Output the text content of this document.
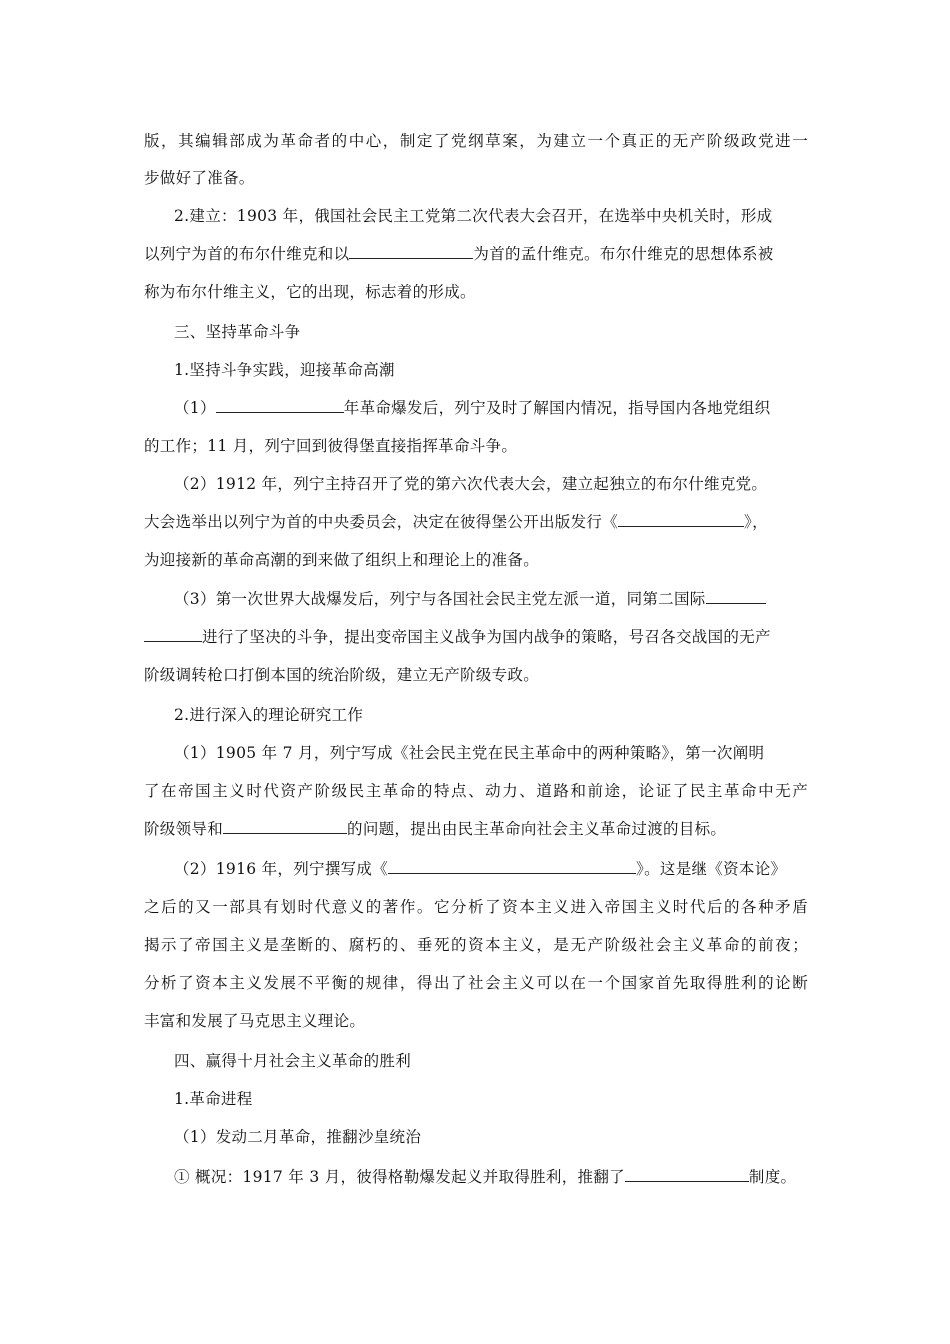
版，其编辑部成为革命者的中心，制定了党纲草案，为建立一个真正的无产阶级政党进一
步做好了准备。
2.建立：1903 年，俄国社会民主工党第二次代表大会召开，在选举中央机关时，形成
以列宁为首的布尔什维克和以	为首的孟什维克。布尔什维克的思想体系被
称为布尔什维主义，它的出现，标志着的形成。
三、坚持革命斗争
1.坚持斗争实践，迎接革命高潮
（1）	年革命爆发后，列宁及时了解国内情况，指导国内各地党组织
的工作；11 月，列宁回到彼得堡直接指挥革命斗争。
（2）1912 年，列宁主持召开了党的第六次代表大会，建立起独立的布尔什维克党。
大会选举出以列宁为首的中央委员会，决定在彼得堡公开出版发行《	》，
为迎接新的革命高潮的到来做了组织上和理论上的准备。
（3）第一次世界大战爆发后，列宁与各国社会民主党左派一道，同第二国际
进行了坚决的斗争，提出变帝国主义战争为国内战争的策略，号召各交战国的无产
阶级调转枪口打倒本国的统治阶级，建立无产阶级专政。
2.进行深入的理论研究工作
（1）1905 年 7 月，列宁写成《社会民主党在民主革命中的两种策略》，第一次阐明
了在帝国主义时代资产阶级民主革命的特点、动力、道路和前途，论证了民主革命中无产
阶级领导和	的问题，提出由民主革命向社会主义革命过渡的目标。
（2）1916 年，列宁撰写成《	》。这是继《资本论》
之后的又一部具有划时代意义的著作。它分析了资本主义进入帝国主义时代后的各种矛盾
揭示了帝国主义是垄断的、腐朽的、垂死的资本主义，是无产阶级社会主义革命的前夜；
分析了资本主义发展不平衡的规律，得出了社会主义可以在一个国家首先取得胜利的论断
丰富和发展了马克思主义理论。
四、赢得十月社会主义革命的胜利
1.革命进程
（1）发动二月革命，推翻沙皇统治
① 概况：1917 年 3 月，彼得格勒爆发起义并取得胜利，推翻了	制度。
